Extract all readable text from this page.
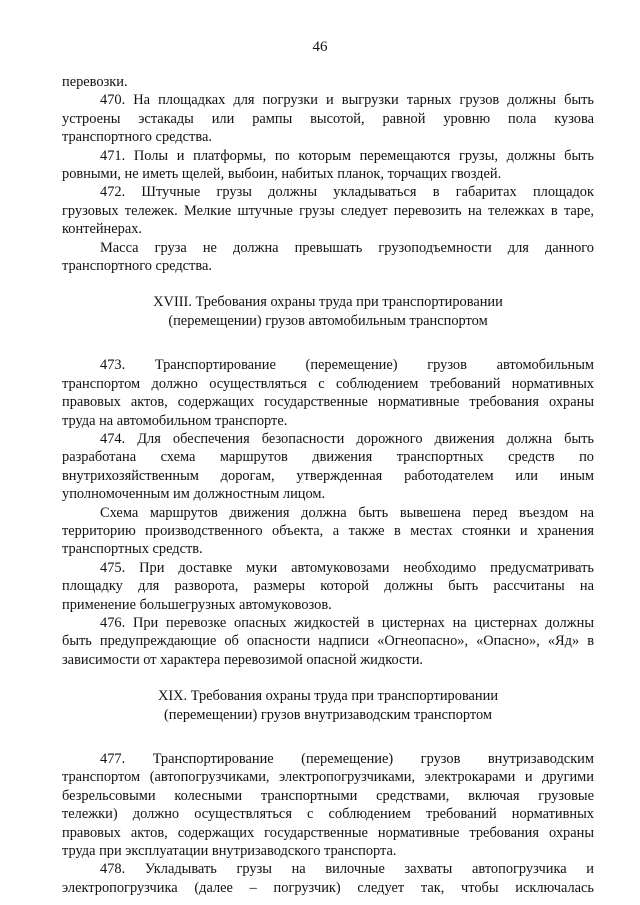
46
перевозки.
470. На площадках для погрузки и выгрузки тарных грузов должны быть
устроены эстакады или рампы высотой, равной уровню пола кузова
транспортного средства.
471. Полы и платформы, по которым перемещаются грузы, должны быть
ровными, не иметь щелей, выбоин, набитых планок, торчащих гвоздей.
472. Штучные грузы должны укладываться в габаритах площадок
грузовых тележек. Мелкие штучные грузы следует перевозить на тележках в таре,
контейнерах.
Масса груза не должна превышать грузоподъемности для данного
транспортного средства.
XVIII. Требования охраны труда при транспортировании
(перемещении) грузов автомобильным транспортом
473. Транспортирование (перемещение) грузов автомобильным
транспортом должно осуществляться с соблюдением требований нормативных
правовых актов, содержащих государственные нормативные требования охраны
труда на автомобильном транспорте.
474. Для обеспечения безопасности дорожного движения должна быть
разработана схема маршрутов движения транспортных средств по
внутрихозяйственным дорогам, утвержденная работодателем или иным
уполномоченным им должностным лицом.
Схема маршрутов движения должна быть вывешена перед въездом на
территорию производственного объекта, а также в местах стоянки и хранения
транспортных средств.
475. При доставке муки автомуковозами необходимо предусматривать
площадку для разворота, размеры которой должны быть рассчитаны на
применение большегрузных автомуковозов.
476. При перевозке опасных жидкостей в цистернах на цистернах должны
быть предупреждающие об опасности надписи «Огнеопасно», «Опасно», «Яд» в
зависимости от характера перевозимой опасной жидкости.
XIX. Требования охраны труда при транспортировании
(перемещении) грузов внутризаводским транспортом
477. Транспортирование (перемещение) грузов внутризаводским
транспортом (автопогрузчиками, электропогрузчиками, электрокарами и другими
безрельсовыми колесными транспортными средствами, включая грузовые
тележки) должно осуществляться с соблюдением требований нормативных
правовых актов, содержащих государственные нормативные требования охраны
труда при эксплуатации внутризаводского транспорта.
478. Укладывать грузы на вилочные захваты автопогрузчика и
электропогрузчика (далее – погрузчик) следует так, чтобы исключалась
